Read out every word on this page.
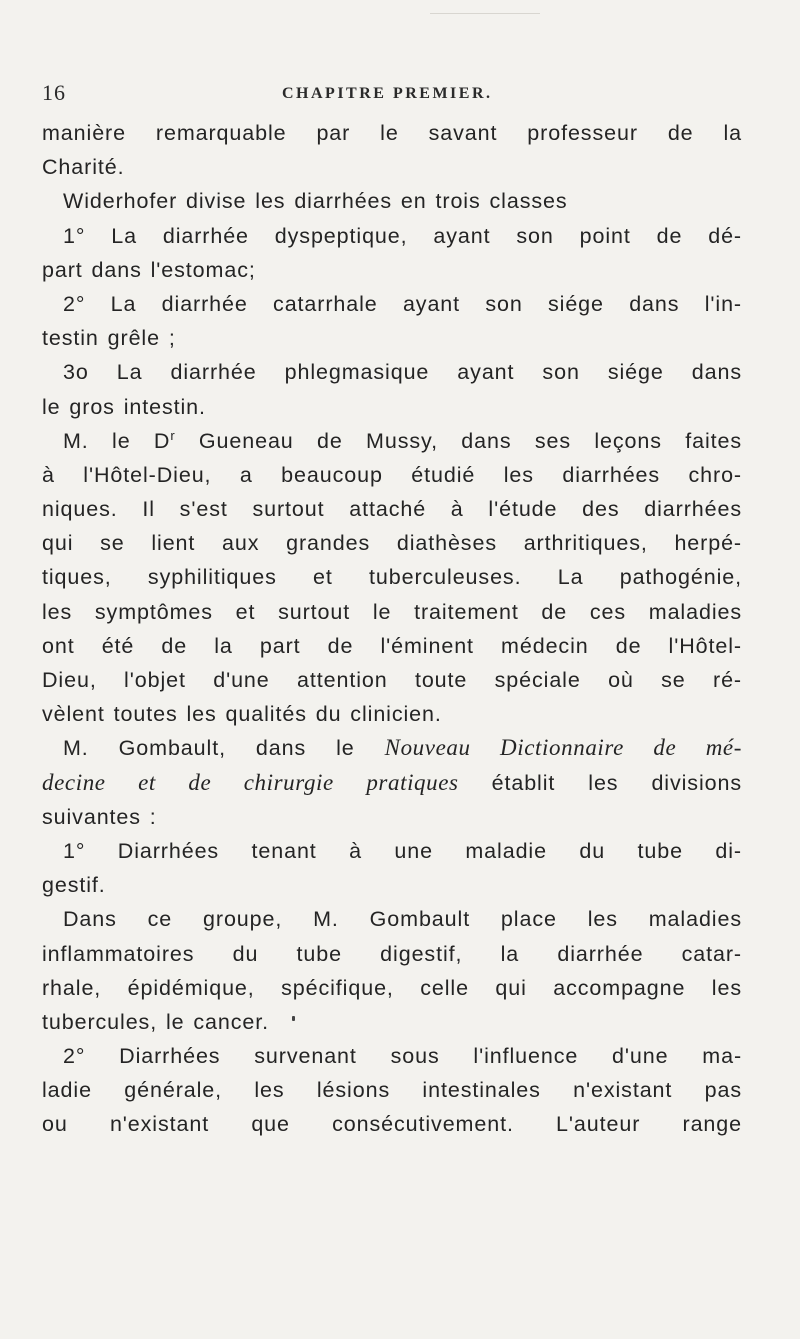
16	CHAPITRE PREMIER.

manière remarquable par le savant professeur de la
Charité.

Widerhofer divise les diarrhées en trois classes

1° La diarrhée dyspeptique, ayant son point de dé-
part dans l'estomac;

2° La diarrhée catarrhale ayant son siége dans l'in-
testin grêle ;

3o La diarrhée phlegmasique ayant son siége dans
le gros intestin.

M. le $D^r$ Gueneau de Mussy, dans ses leçons faites
à l'Hôtel-Dieu, a beaucoup étudié les diarrhées chro-
niques. Il s'est surtout attaché à l'étude des diarrhées
qui se lient aux grandes diathèses arthritiques, herpé-
tiques, syphilitiques et tuberculeuses. La pathogénie,
les symptômes et surtout le traitement de ces maladies
ont été de la part de l'éminent médecin de l'Hôtel-
Dieu, l'objet d'une attention toute spéciale où se ré-
vèlent toutes les qualités du clinicien.

M. Gombault, dans le Nouveau Dictionnaire de mé-
decine et de chirurgie pratiques établit les divisions
suivantes :

1° Diarrhées tenant à une maladie du tube di-
gestif.

Dans ce groupe, M. Gombault place les maladies
inflammatoires du tube digestif, la diarrhée catar-
rhale, épidémique, spécifique, celle qui accompagne les
tubercules, le cancer.

2° Diarrhées survenant sous l'influence d'une ma-
ladie générale, les lésions intestinales n'existant pas
ou n'existant que consécutivement. L'auteur range
